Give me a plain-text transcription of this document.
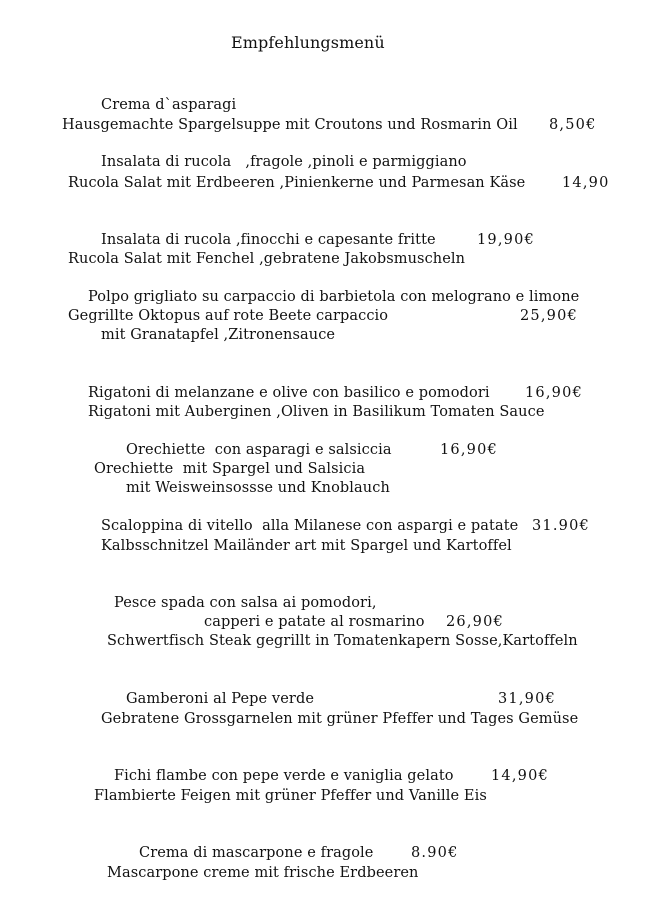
Empfehlungsmenü
Crema d`asparagi
Hausgemachte Spargelsuppe mit Croutons und Rosmarin Oil 8,50€
Insalata di rucola   ,fragole ,pinoli e parmiggiano
Rucola Salat mit Erdbeeren ,Pinienkerne und Parmesan Käse	14,90
Insalata di rucola ,finocchi e capesante fritte	19,90€
Rucola Salat mit Fenchel ,gebratene Jakobsmuscheln
Polpo grigliato su carpaccio di barbietola con melograno e limone
Gegrillte Oktopus auf rote Beete carpaccio	25,90€
mit Granatapfel ,Zitronensauce
Rigatoni di melanzane e olive con basilico e pomodori 16,90€
Rigatoni mit Auberginen ,Oliven in Basilikum Tomaten Sauce
Orechiette  con asparagi e salsiccia	16,90€
Orechiette  mit Spargel und Salsicia
mit Weisweinsossse und Knoblauch
Scaloppina di vitello  alla Milanese con aspargi e patate 31.90€
Kalbsschnitzel Mailänder art mit Spargel und Kartoffel
Pesce spada con salsa ai pomodori,
capperi e patate al rosmarino 26,90€
Schwertfisch Steak gegrillt in Tomatenkapern Sosse,Kartoffeln
Gamberoni al Pepe verde	31,90€
Gebratene Grossgarnelen mit grüner Pfeffer und Tages Gemüse
Fichi flambe con pepe verde e vaniglia gelato	14,90€
Flambierte Feigen mit grüner Pfeffer und Vanille Eis
Crema di mascarpone e fragole	8.90€
Mascarpone creme mit frische Erdbeeren
